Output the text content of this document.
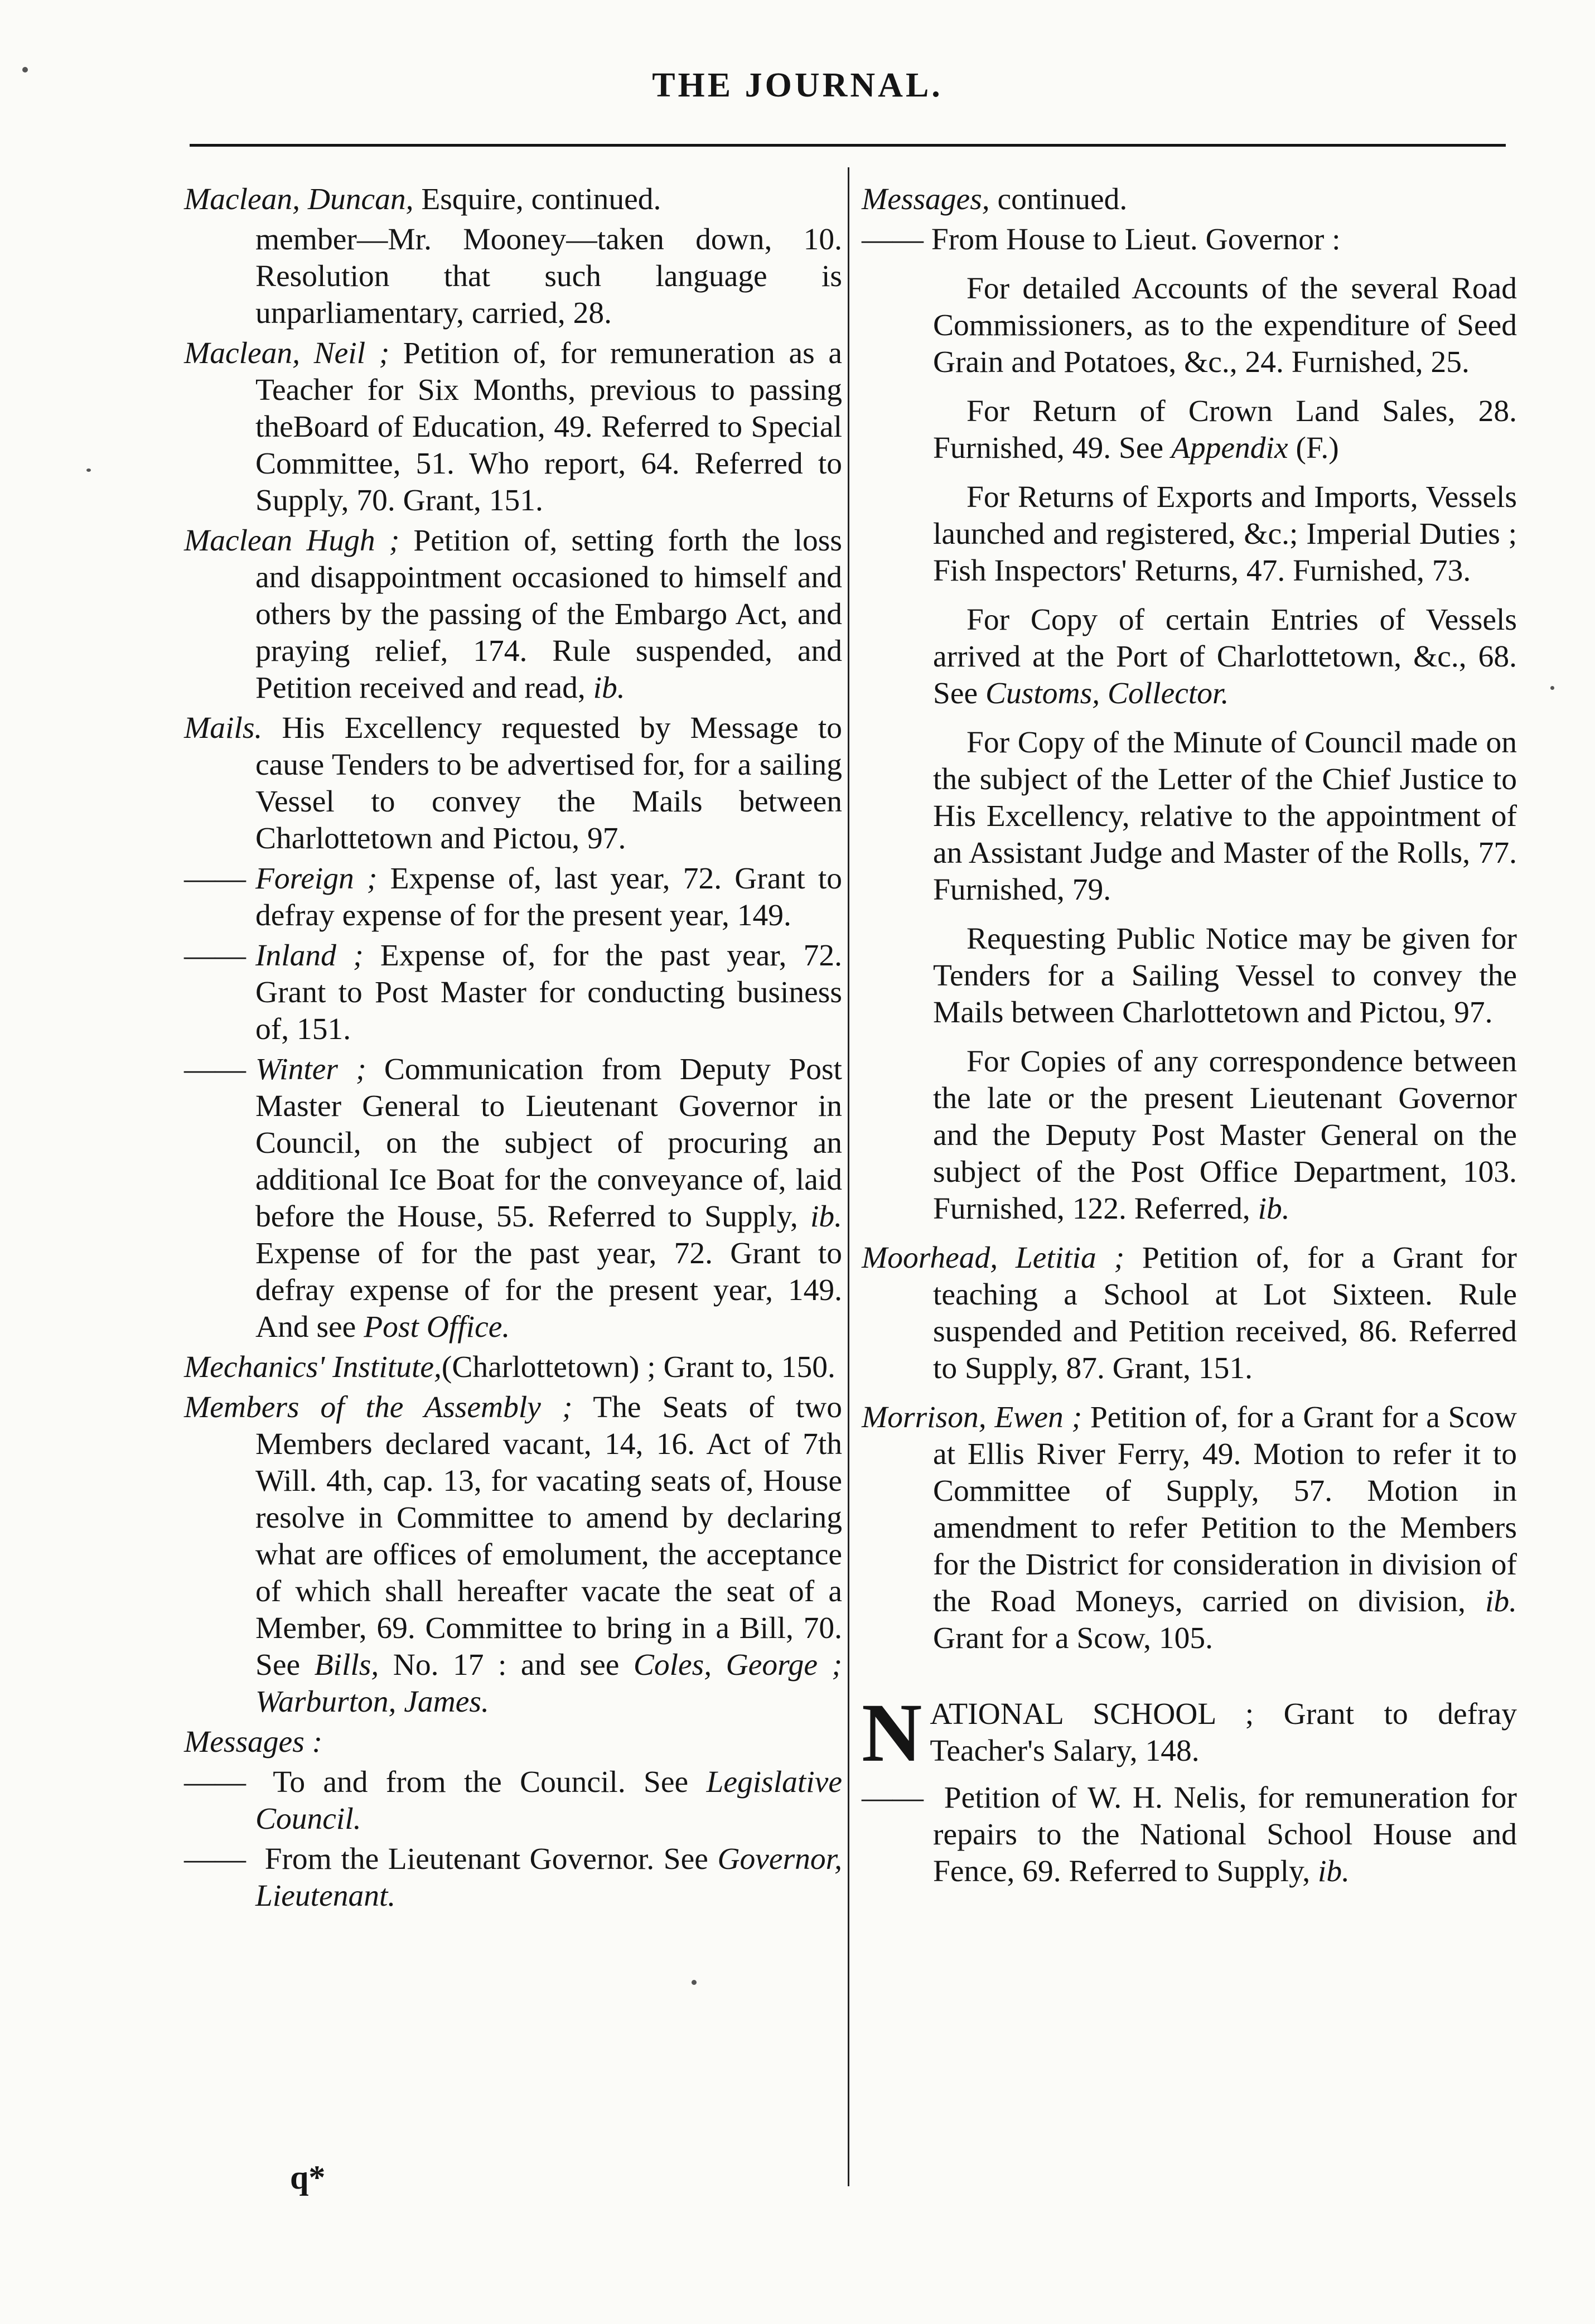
THE JOURNAL.

Maclean, Duncan, Esquire, continued.

member—Mr. Mooney—taken down, 10. Resolution that such language is unparliamentary, carried, 28.

Maclean, Neil ; Petition of, for remuneration as a Teacher for Six Months, previous to passing theBoard of Education, 49. Referred to Special Committee, 51. Who report, 64. Referred to Supply, 70. Grant, 151.

Maclean Hugh ; Petition of, setting forth the loss and disappointment occasioned to himself and others by the passing of the Embargo Act, and praying relief, 174. Rule suspended, and Petition received and read, ib.

Mails. His Excellency requested by Message to cause Tenders to be advertised for, for a sailing Vessel to convey the Mails between Charlottetown and Pictou, 97.

—— Foreign ; Expense of, last year, 72. Grant to defray expense of for the present year, 149.

—— Inland ; Expense of, for the past year, 72. Grant to Post Master for conducting business of, 151.

—— Winter ; Communication from Deputy Post Master General to Lieutenant Governor in Council, on the subject of procuring an additional Ice Boat for the conveyance of, laid before the House, 55. Referred to Supply, ib. Expense of for the past year, 72. Grant to defray expense of for the present year, 149. And see Post Office.

Mechanics' Institute,(Charlottetown) ; Grant to, 150.

Members of the Assembly ; The Seats of two Members declared vacant, 14, 16. Act of 7th Will. 4th, cap. 13, for vacating seats of, House resolve in Committee to amend by declaring what are offices of emolument, the acceptance of which shall hereafter vacate the seat of a Member, 69. Committee to bring in a Bill, 70. See Bills, No. 17 : and see Coles, George ; Warburton, James.

Messages :

—— To and from the Council. See Legislative Council.

—— From the Lieutenant Governor. See Governor, Lieutenant.

Messages, continued.

—— From House to Lieut. Governor :

For detailed Accounts of the several Road Commissioners, as to the expenditure of Seed Grain and Potatoes, &c., 24. Furnished, 25.

For Return of Crown Land Sales, 28. Furnished, 49. See Appendix (F.)

For Returns of Exports and Imports, Vessels launched and registered, &c.; Imperial Duties ; Fish Inspectors' Returns, 47. Furnished, 73.

For Copy of certain Entries of Vessels arrived at the Port of Charlottetown, &c., 68. See Customs, Collector.

For Copy of the Minute of Council made on the subject of the Letter of the Chief Justice to His Excellency, relative to the appointment of an Assistant Judge and Master of the Rolls, 77. Furnished, 79.

Requesting Public Notice may be given for Tenders for a Sailing Vessel to convey the Mails between Charlottetown and Pictou, 97.

For Copies of any correspondence between the late or the present Lieutenant Governor and the Deputy Post Master General on the subject of the Post Office Department, 103. Furnished, 122. Referred, ib.

Moorhead, Letitia ; Petition of, for a Grant for teaching a School at Lot Sixteen. Rule suspended and Petition received, 86. Referred to Supply, 87. Grant, 151.

Morrison, Ewen ; Petition of, for a Grant for a Scow at Ellis River Ferry, 49. Motion to refer it to Committee of Supply, 57. Motion in amendment to refer Petition to the Members for the District for consideration in division of the Road Moneys, carried on division, ib. Grant for a Scow, 105.

NATIONAL SCHOOL ; Grant to defray Teacher's Salary, 148.

—— Petition of W. H. Nelis, for remuneration for repairs to the National School House and Fence, 69. Referred to Supply, ib.

q*
